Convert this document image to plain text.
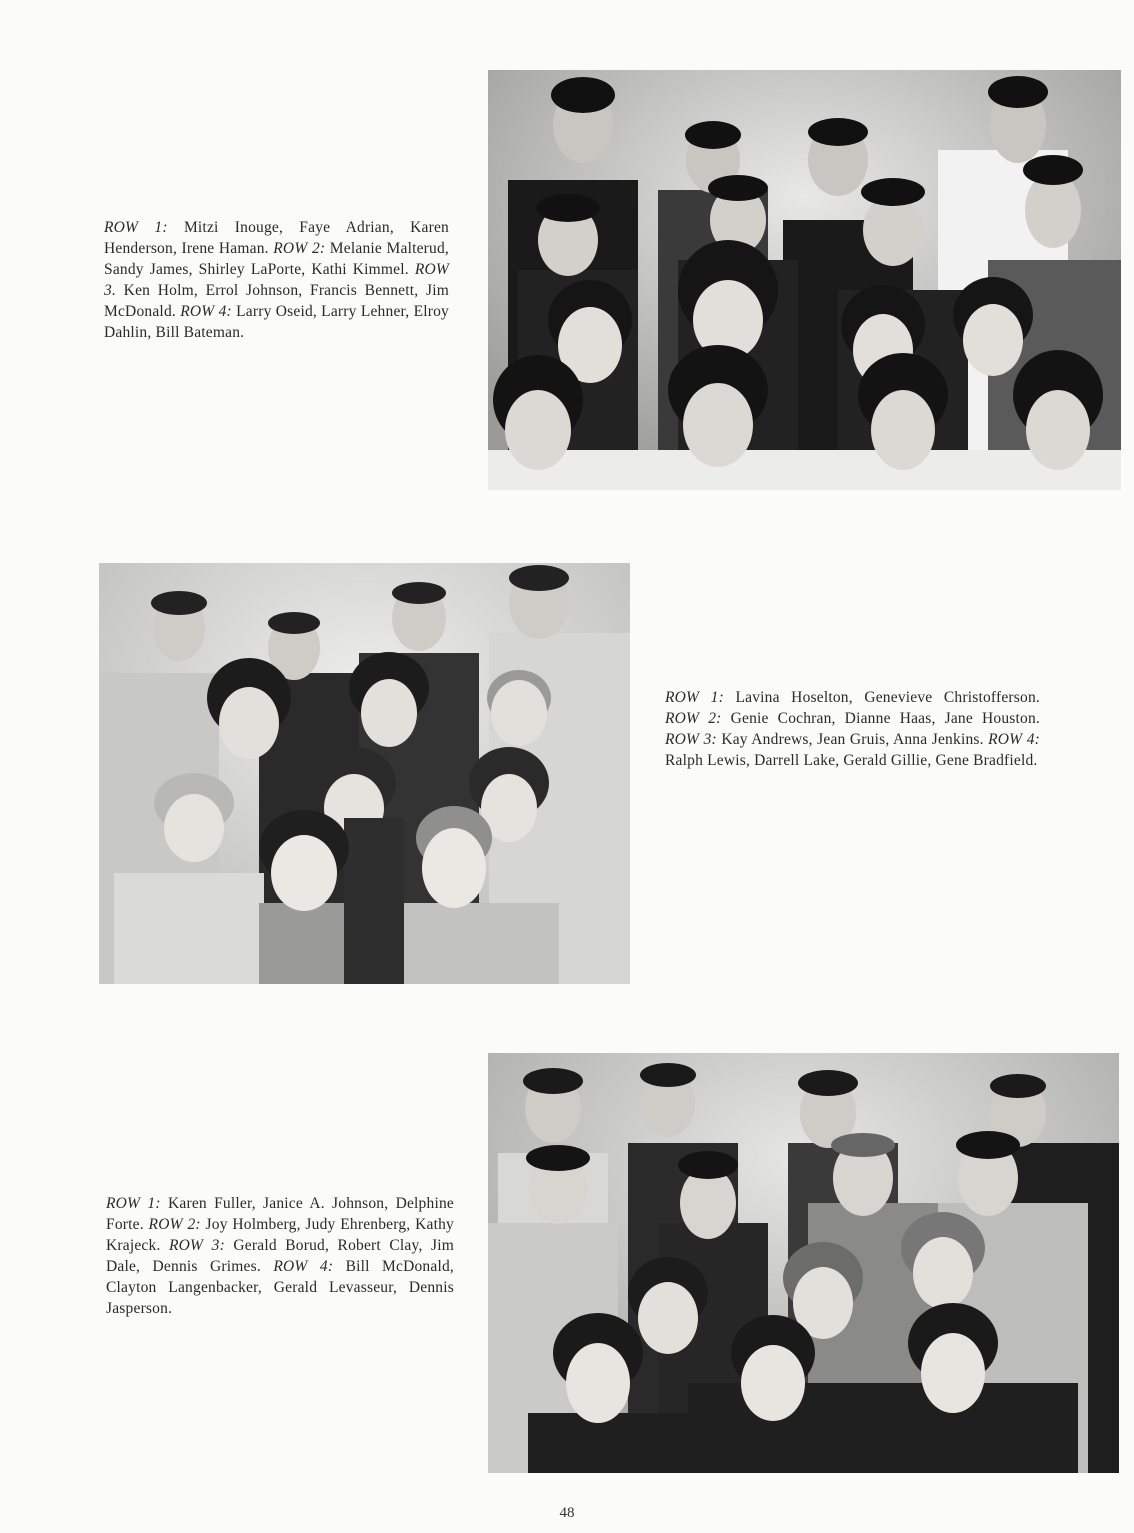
ROW 1: Mitzi Inouge, Faye Adrian, Karen Henderson, Irene Haman. ROW 2: Melanie Malterud, Sandy James, Shirley LaPorte, Kathi Kimmel. ROW 3. Ken Holm, Errol Johnson, Francis Bennett, Jim McDonald. ROW 4: Larry Oseid, Larry Lehner, Elroy Dahlin, Bill Bateman.
ROW 1: Lavina Hoselton, Genevieve Christofferson. ROW 2: Genie Cochran, Dianne Haas, Jane Houston. ROW 3: Kay Andrews, Jean Gruis, Anna Jenkins. ROW 4: Ralph Lewis, Darrell Lake, Gerald Gillie, Gene Bradfield.
ROW 1: Karen Fuller, Janice A. Johnson, Delphine Forte. ROW 2: Joy Holmberg, Judy Ehrenberg, Kathy Krajeck. ROW 3: Gerald Borud, Robert Clay, Jim Dale, Dennis Grimes. ROW 4: Bill McDonald, Clayton Langenbacker, Gerald Levasseur, Dennis Jasperson.
48
